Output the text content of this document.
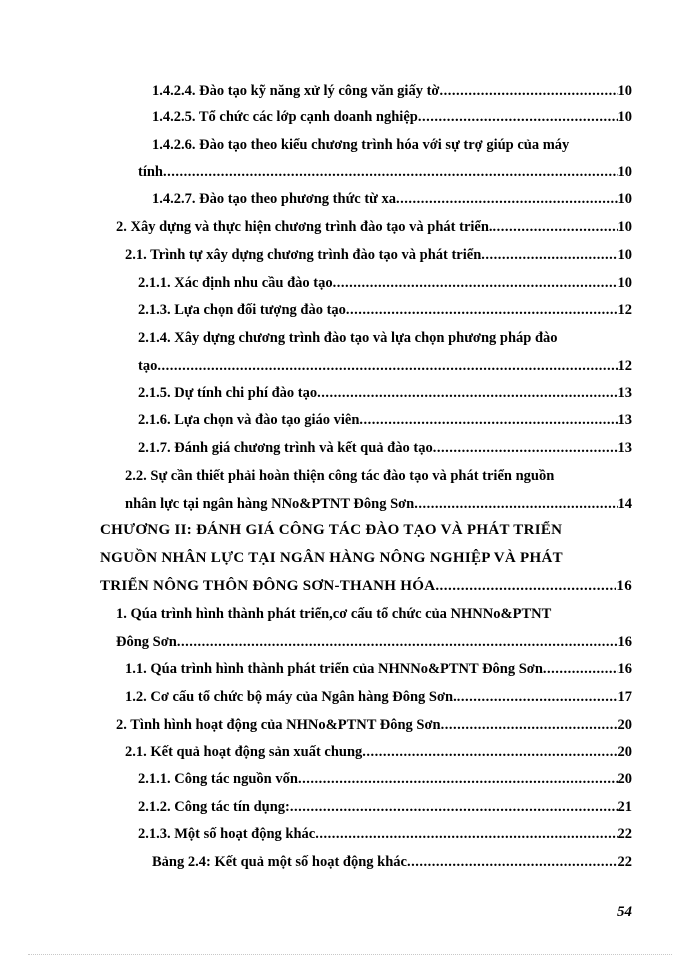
1.4.2.4. Đào tạo kỹ năng xử lý công văn giấy tờ .....	10
1.4.2.5. Tổ chức các lớp cạnh doanh nghiệp .....	10
1.4.2.6. Đào tạo theo kiểu chương trình hóa với sự trợ giúp của máy
tính .....	10
1.4.2.7. Đào tạo theo phương thức từ xa .....	10
2. Xây dựng và thực hiện chương trình đào tạo và phát triển. .....	10
2.1. Trình tự xây dựng chương trình đào tạo và phát triển .....	10
2.1.1. Xác định nhu cầu đào tạo .....	10
2.1.3. Lựa chọn đối tượng đào tạo .....	12
2.1.4. Xây dựng chương trình đào tạo và lựa chọn phương pháp đào
tạo .....	12
2.1.5. Dự tính chi phí đào tạo .....	13
2.1.6. Lựa chọn và đào tạo giáo viên .....	13
2.1.7. Đánh giá chương trình và kết quả đào tạo .....	13
2.2. Sự cần thiết phải hoàn thiện công tác đào tạo và phát triển nguồn
nhân lực tại ngân hàng NNo&PTNT Đông Sơn .....	14
CHƯƠNG II: ĐÁNH GIÁ CÔNG TÁC ĐÀO TẠO VÀ PHÁT TRIỂN
NGUỒN NHÂN LỰC TẠI NGÂN HÀNG NÔNG NGHIỆP VÀ PHÁT
TRIỂN NÔNG THÔN ĐÔNG SƠN-THANH HÓA. .....	16
1. Qúa trình hình thành phát triển,cơ cấu tổ chức của NHNNo&PTNT
Đông Sơn .....	16
1.1. Qúa trình hình thành phát triển của NHNNo&PTNT Đông Sơn .....	16
1.2. Cơ cấu tổ chức bộ máy của Ngân hàng Đông Sơn. .....	17
2. Tình hình hoạt động của NHNo&PTNT Đông Sơn .....	20
2.1. Kết quả hoạt động sản xuất chung .....	20
2.1.1. Công tác nguồn vốn .....	20
2.1.2. Công tác tín dụng: .....	21
2.1.3. Một số hoạt động khác .....	22
Bảng 2.4: Kết quả một số hoạt động khác .....	22
54
